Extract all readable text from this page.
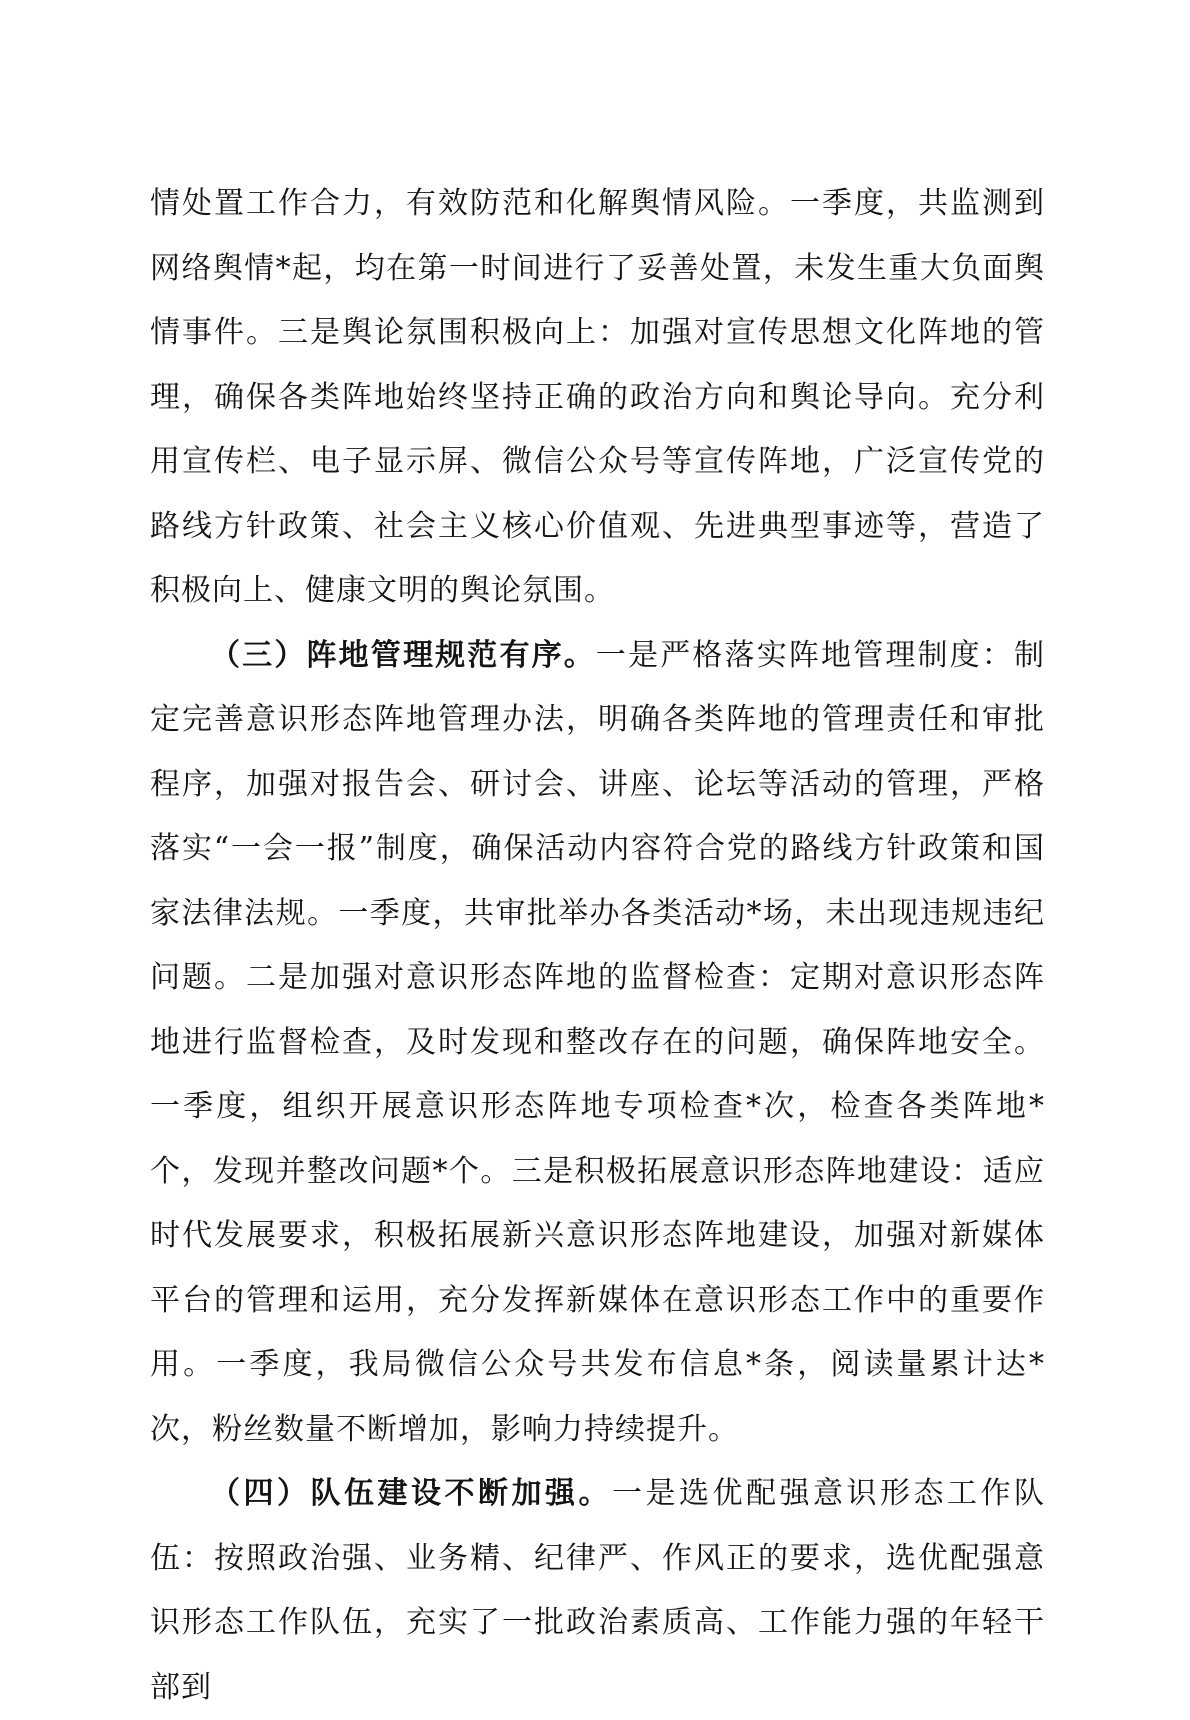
情处置工作合力，有效防范和化解舆情风险。一季度，共监测到网络舆情*起，均在第一时间进行了妥善处置，未发生重大负面舆情事件。三是舆论氛围积极向上：加强对宣传思想文化阵地的管理，确保各类阵地始终坚持正确的政治方向和舆论导向。充分利用宣传栏、电子显示屏、微信公众号等宣传阵地，广泛宣传党的路线方针政策、社会主义核心价值观、先进典型事迹等，营造了积极向上、健康文明的舆论氛围。

（三）阵地管理规范有序。一是严格落实阵地管理制度：制定完善意识形态阵地管理办法，明确各类阵地的管理责任和审批程序，加强对报告会、研讨会、讲座、论坛等活动的管理，严格落实“一会一报”制度，确保活动内容符合党的路线方针政策和国家法律法规。一季度，共审批举办各类活动*场，未出现违规违纪问题。二是加强对意识形态阵地的监督检查：定期对意识形态阵地进行监督检查，及时发现和整改存在的问题，确保阵地安全。一季度，组织开展意识形态阵地专项检查*次，检查各类阵地*个，发现并整改问题*个。三是积极拓展意识形态阵地建设：适应时代发展要求，积极拓展新兴意识形态阵地建设，加强对新媒体平台的管理和运用，充分发挥新媒体在意识形态工作中的重要作用。一季度，我局微信公众号共发布信息*条，阅读量累计达*次，粉丝数量不断增加，影响力持续提升。

（四）队伍建设不断加强。一是选优配强意识形态工作队伍：按照政治强、业务精、纪律严、作风正的要求，选优配强意识形态工作队伍，充实了一批政治素质高、工作能力强的年轻干部到
